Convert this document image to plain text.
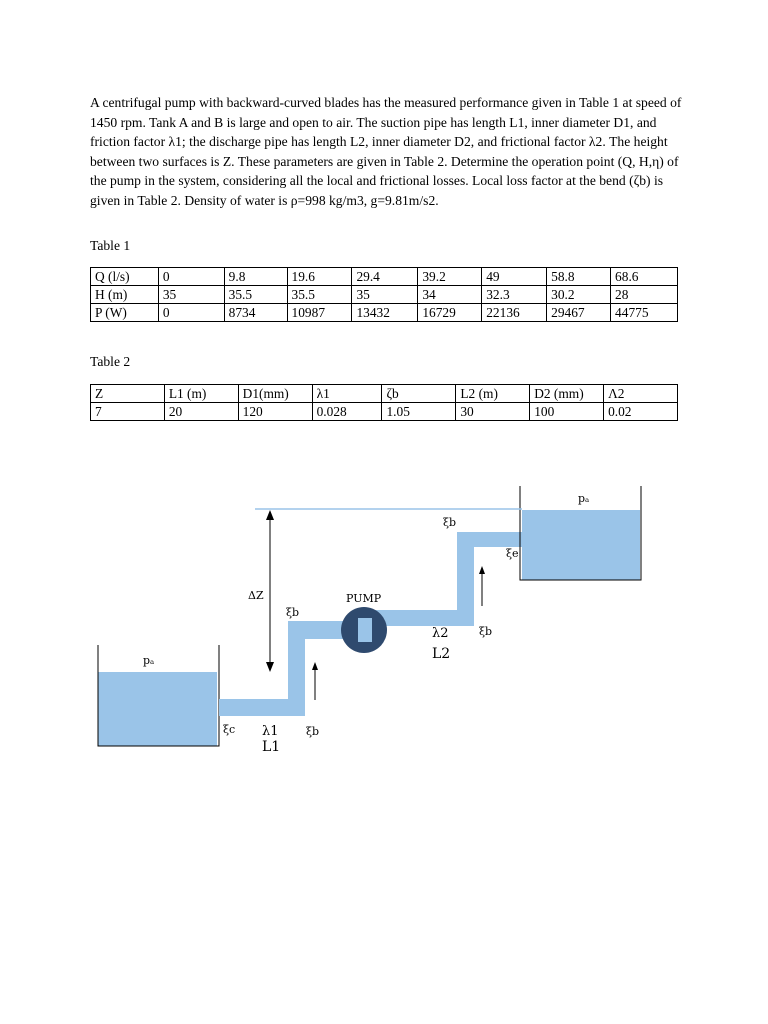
A centrifugal pump with backward-curved blades has the measured performance given in Table 1 at speed of 1450 rpm. Tank A and B is large and open to air. The suction pipe has length L1, inner diameter D1, and friction factor λ1; the discharge pipe has length L2, inner diameter D2, and frictional factor λ2. The height between two surfaces is Z. These parameters are given in Table 2. Determine the operation point (Q, H,η) of the pump in the system, considering all the local and frictional losses. Local loss factor at the bend (ζb) is given in Table 2. Density of water is ρ=998 kg/m3, g=9.81m/s2.

Table 1

Q (l/s)	0	9.8	19.6	29.4	39.2	49	58.8	68.6
H (m)	35	35.5	35.5	35	34	32.3	30.2	28
P (W)	0	8734	10987	13432	16729	22136	29467	44775

Table 2

Z	L1 (m)	D1(mm)	λ1	ζb	L2 (m)	D2 (mm)	Λ2
7	20	120	0.028	1.05	30	100	0.02
pₐ
pₐ
ΔZ	PUMP
ξc λ1
L1
ξb
ξb
λ2
L2
ξb
ξb
ξe
